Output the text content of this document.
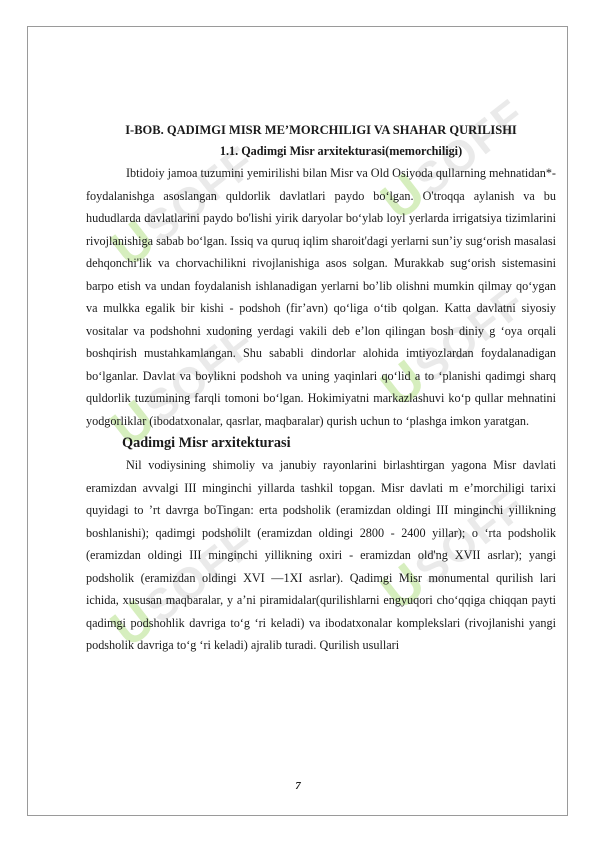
USOFF USOFF
USOFF USOFF
USOFF USOFF
I-BOB. QADIMGI MISR ME’MORCHILIGI VA SHAHAR QURILISHI
1.1. Qadimgi Misr arxitekturasi(memorchiligi)

Ibtidoiy jamoa tuzumini yemirilishi bilan Misr va Old Osiyoda qullarning mehnatidan*- foydalanishga asoslangan quldorlik davlatlari paydo bo‘lgan. O'troqqa aylanish va bu hududlarda davlatlarini paydo bo'lishi yirik daryolar bo‘ylab loyl yerlarda irrigatsiya tizimlarini rivojlanishiga sabab bo‘lgan. Issiq va quruq iqlim sharoit'dagi yerlarni sun’iy sug‘orish masalasi dehqonchi'lik va chorvachilikni rivojlanishiga asos solgan. Murakkab sug‘orish sistemasini barpo etish va undan foydalanish ishlanadigan yerlarni bo’lib olishni mumkin qilmay qo‘ygan va mulkka egalik bir kishi - podshoh (fir’avn) qo‘liga o‘tib qolgan. Katta davlatni siyosiy vositalar va podshohni xudoning yerdagi vakili deb e’lon qilingan bosh diniy g ‘oya orqali boshqirish mustahkamlangan. Shu sababli dindorlar alohida imtiyozlardan foydalanadigan bo‘lganlar. Davlat va boylikni podshoh va uning yaqinlari qo‘lid a to ‘planishi qadimgi sharq quldorlik tuzumining farqli tomoni bo‘lgan. Hokimiyatni markazlashuvi ko‘p qullar mehnatini yodgorliklar (ibodatxonalar, qasrlar, maqbaralar) qurish uchun to ‘plashga imkon yaratgan.

Qadimgi Misr arxitekturasi

Nil vodiysining shimoliy va janubiy rayonlarini birlashtirgan yagona Misr davlati eramizdan avvalgi III minginchi yillarda tashkil topgan. Misr davlati m e’morchiligi tarixi quyidagi to ’rt davrga boTingan: erta podsholik (eramizdan oldingi III minginchi yillikning boshlanishi); qadimgi podsholilt (eramizdan oldingi 2800 - 2400 yillar); o ‘rta podsholik (eramizdan oldingi III minginchi yillikning oxiri - eramizdan old'ng XVII asrlar); yangi podsholik (eramizdan oldingi XVI —1XI asrlar). Qadimgi Misr monumental qurilish lari ichida, xususan maqbaralar, y a’ni piramidalar(qurilishlarni engyuqori cho‘qqiga chiqqan payti qadimgi podshohlik davriga to‘g ‘ri keladi) va ibodatxonalar komplekslari (rivojlanishi yangi podsholik davriga to‘g ‘ri keladi) ajralib turadi. Qurilish usullari

7
